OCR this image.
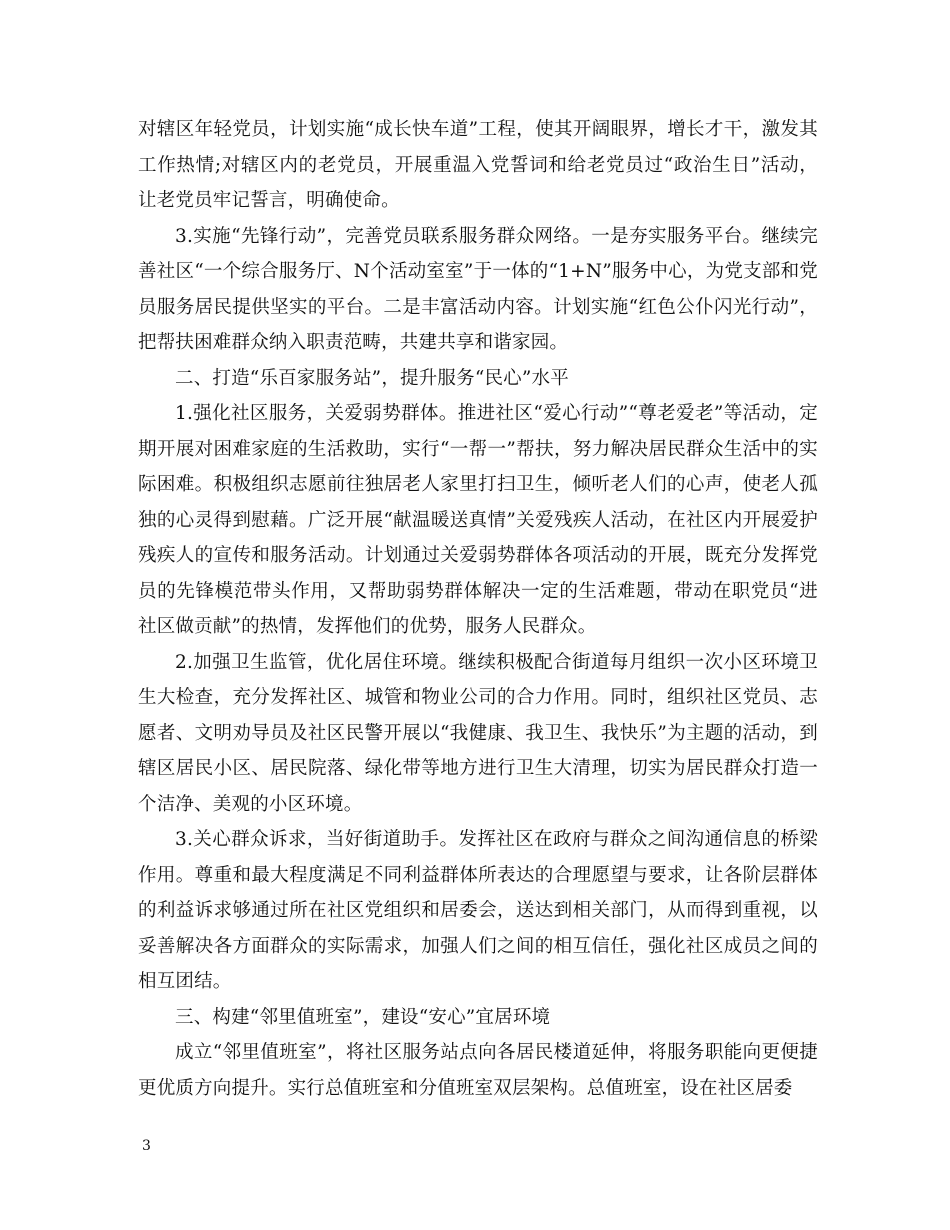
对辖区年轻党员，计划实施“成长快车道”工程，使其开阔眼界，增长才干，激发其工作热情;对辖区内的老党员，开展重温入党誓词和给老党员过“政治生日”活动，让老党员牢记誓言，明确使命。

3.实施“先锋行动”，完善党员联系服务群众网络。一是夯实服务平台。继续完善社区“一个综合服务厅、N个活动室室”于一体的“1+N”服务中心，为党支部和党员服务居民提供坚实的平台。二是丰富活动内容。计划实施“红色公仆闪光行动”，把帮扶困难群众纳入职责范畴，共建共享和谐家园。

二、打造“乐百家服务站”，提升服务“民心”水平

1.强化社区服务，关爱弱势群体。推进社区“爱心行动”“尊老爱老”等活动，定期开展对困难家庭的生活救助，实行“一帮一”帮扶，努力解决居民群众生活中的实际困难。积极组织志愿前往独居老人家里打扫卫生，倾听老人们的心声，使老人孤独的心灵得到慰藉。广泛开展“献温暖送真情”关爱残疾人活动，在社区内开展爱护残疾人的宣传和服务活动。计划通过关爱弱势群体各项活动的开展，既充分发挥党员的先锋模范带头作用，又帮助弱势群体解决一定的生活难题，带动在职党员“进社区做贡献”的热情，发挥他们的优势，服务人民群众。

2.加强卫生监管，优化居住环境。继续积极配合街道每月组织一次小区环境卫生大检查，充分发挥社区、城管和物业公司的合力作用。同时，组织社区党员、志愿者、文明劝导员及社区民警开展以“我健康、我卫生、我快乐”为主题的活动，到辖区居民小区、居民院落、绿化带等地方进行卫生大清理，切实为居民群众打造一个洁净、美观的小区环境。

3.关心群众诉求，当好街道助手。发挥社区在政府与群众之间沟通信息的桥梁作用。尊重和最大程度满足不同利益群体所表达的合理愿望与要求，让各阶层群体的利益诉求够通过所在社区党组织和居委会，送达到相关部门，从而得到重视，以妥善解决各方面群众的实际需求，加强人们之间的相互信任，强化社区成员之间的相互团结。

三、构建“邻里值班室”，建设“安心”宜居环境

成立“邻里值班室”，将社区服务站点向各居民楼道延伸，将服务职能向更便捷更优质方向提升。实行总值班室和分值班室双层架构。总值班室，设在社区居委

3
